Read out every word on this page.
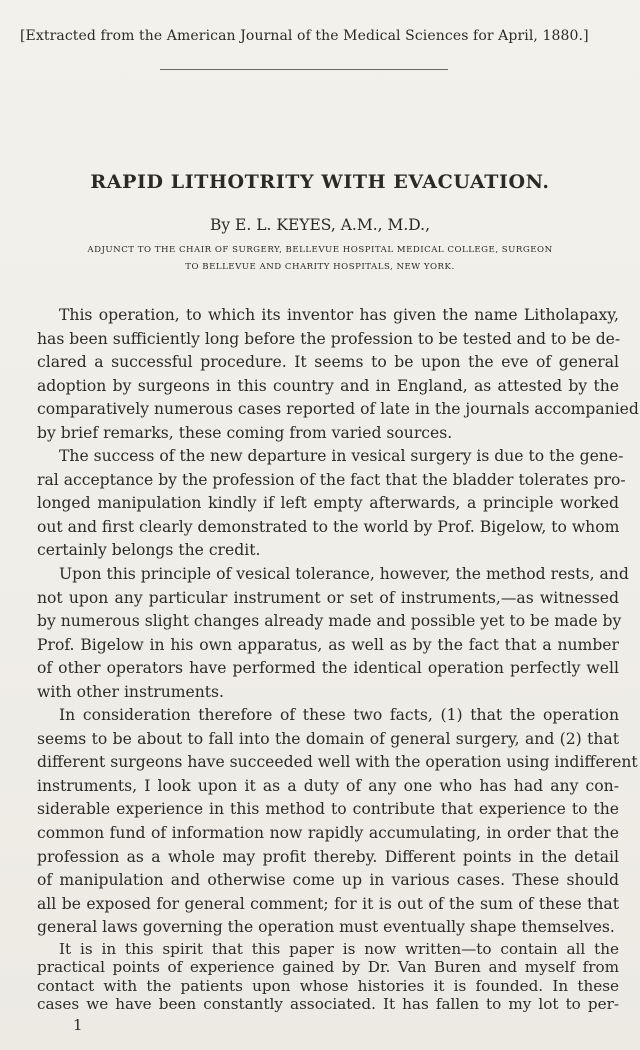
[Extracted from the American Journal of the Medical Sciences for April, 1880.]
RAPID LITHOTRITY WITH EVACUATION.
By E. L. KEYES, A.M., M.D.,
ADJUNCT TO THE CHAIR OF SURGERY, BELLEVUE HOSPITAL MEDICAL COLLEGE, SURGEON
TO BELLEVUE AND CHARITY HOSPITALS, NEW YORK.
This operation, to which its inventor has given the name Litholapaxy,
has been sufficiently long before the profession to be tested and to be de-
clared a successful procedure. It seems to be upon the eve of general
adoption by surgeons in this country and in England, as attested by the
comparatively numerous cases reported of late in the journals accompanied
by brief remarks, these coming from varied sources.
The success of the new departure in vesical surgery is due to the gene-
ral acceptance by the profession of the fact that the bladder tolerates pro-
longed manipulation kindly if left empty afterwards, a principle worked
out and first clearly demonstrated to the world by Prof. Bigelow, to whom
certainly belongs the credit.
Upon this principle of vesical tolerance, however, the method rests, and
not upon any particular instrument or set of instruments,—as witnessed
by numerous slight changes already made and possible yet to be made by
Prof. Bigelow in his own apparatus, as well as by the fact that a number
of other operators have performed the identical operation perfectly well
with other instruments.
In consideration therefore of these two facts, (1) that the operation
seems to be about to fall into the domain of general surgery, and (2) that
different surgeons have succeeded well with the operation using indifferent
instruments, I look upon it as a duty of any one who has had any con-
siderable experience in this method to contribute that experience to the
common fund of information now rapidly accumulating, in order that the
profession as a whole may profit thereby. Different points in the detail
of manipulation and otherwise come up in various cases. These should
all be exposed for general comment; for it is out of the sum of these that
general laws governing the operation must eventually shape themselves.
It is in this spirit that this paper is now written—to contain all the
practical points of experience gained by Dr. Van Buren and myself from
contact with the patients upon whose histories it is founded. In these
cases we have been constantly associated. It has fallen to my lot to per-
1
